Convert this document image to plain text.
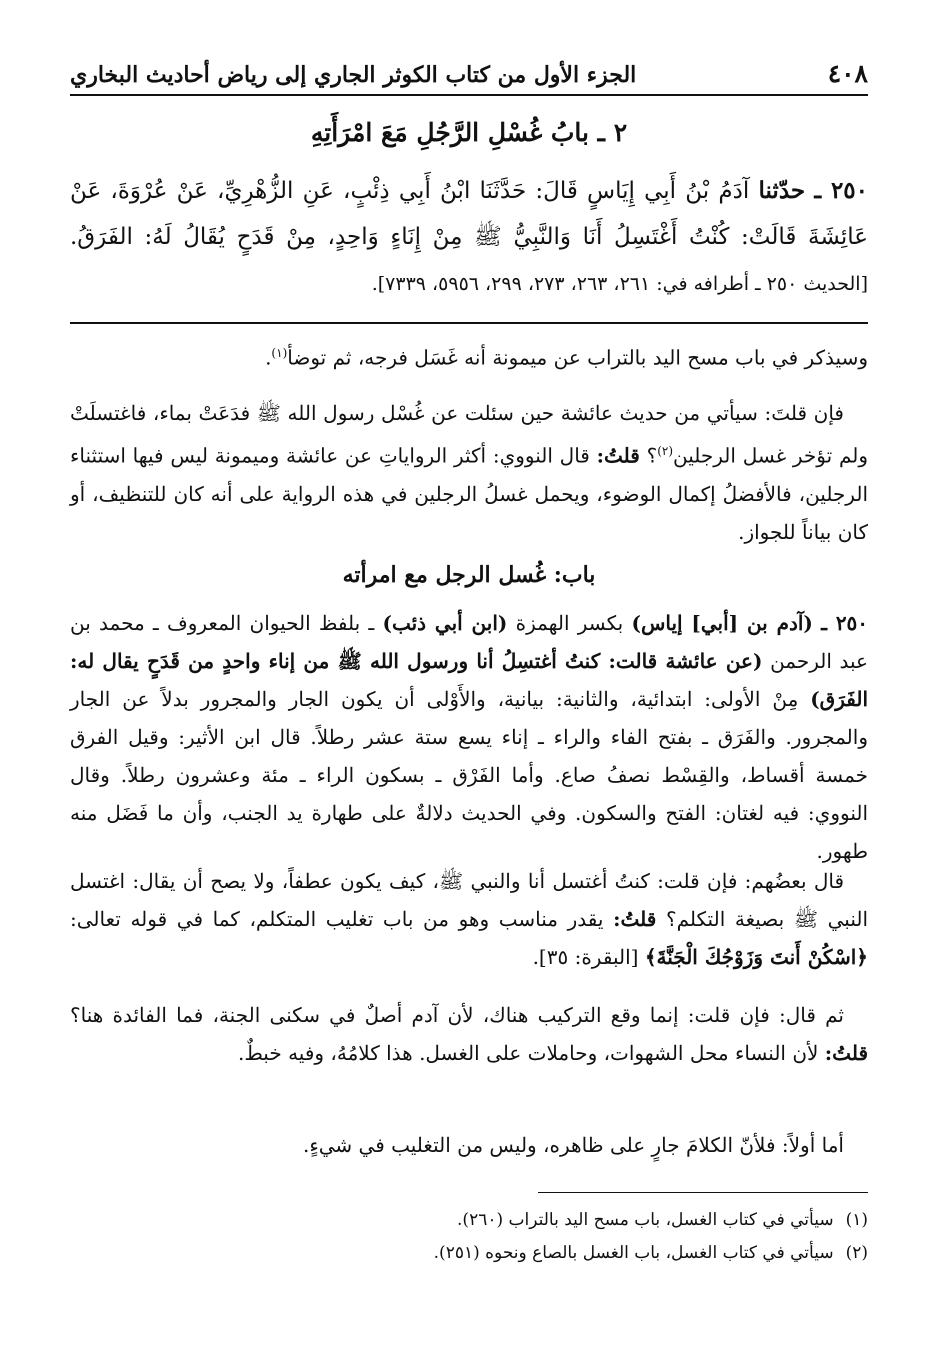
٤٠٨
الجزء الأول من كتاب الكوثر الجاري إلى رياض أحاديث البخاري
٢ ـ بابُ غُسْلِ الرَّجُلِ مَعَ امْرَأَتِهِ
٢٥٠ ـ حدّثنا آدَمُ بْنُ أَبِي إِيَاسٍ قَالَ: حَدَّثَنَا ابْنُ أَبِي ذِئْبٍ، عَنِ الزُّهْرِيِّ، عَنْ عُرْوَةَ، عَنْ عَائِشَةَ قَالَتْ: كُنْتُ أَغْتَسِلُ أَنَا وَالنَّبِيُّ ﷺ مِنْ إِنَاءٍ وَاحِدٍ، مِنْ قَدَحٍ يُقَالُ لَهُ: الفَرَقُ. [الحديث ٢٥٠ ـ أطرافه في: ٢٦١، ٢٦٣، ٢٧٣، ٢٩٩، ٥٩٥٦، ٧٣٣٩].
وسيذكر في باب مسح اليد بالتراب عن ميمونة أنه غَسَل فرجه، ثم توضأ$^{(١)}$.
فإن قلتَ: سيأتي من حديث عائشة حين سئلت عن غُسْل رسول الله ﷺ فدَعَتْ بماء، فاغتسلَتْ ولم تؤخر غسل الرجلين$^{(٢)}$؟ قلتُ: قال النووي: أكثر الرواياتِ عن عائشة وميمونة ليس فيها استثناء الرجلين، فالأفضلُ إكمال الوضوء، ويحمل غسلُ الرجلين في هذه الرواية على أنه كان للتنظيف، أو كان بياناً للجواز.
باب: غُسل الرجل مع امرأته
٢٥٠ ـ (آدم بن [أبي] إياس) بكسر الهمزة (ابن أبي ذئب) ـ بلفظ الحيوان المعروف ـ محمد بن عبد الرحمن (عن عائشة قالت: كنتُ أغتسِلُ أنا ورسول الله ﷺ من إناء واحدٍ من قَدَحٍ يقال له: الفَرَق) مِنْ الأولى: ابتدائية، والثانية: بيانية، والأَوْلى أن يكون الجار والمجرور بدلاً عن الجار والمجرور. والفَرَق ـ بفتح الفاء والراء ـ إناء يسع ستة عشر رطلاً. قال ابن الأثير: وقيل الفرق خمسة أقساط، والقِسْط نصفُ صاع. وأما الفَرْق ـ بسكون الراء ـ مئة وعشرون رطلاً. وقال النووي: فيه لغتان: الفتح والسكون. وفي الحديث دلالةٌ على طهارة يد الجنب، وأن ما فَضَل منه طهور.
قال بعضُهم: فإن قلت: كنتُ أغتسل أنا والنبي ﷺ، كيف يكون عطفاً، ولا يصح أن يقال: اغتسل النبي ﷺ بصيغة التكلم؟ قلتُ: يقدر مناسب وهو من باب تغليب المتكلم، كما في قوله تعالى: ﴿اسْكُنْ أَنتَ وَزَوْجُكَ الْجَنَّةَ﴾ [البقرة: ٣٥].
ثم قال: فإن قلت: إنما وقع التركيب هناك، لأن آدم أصلٌ في سكنى الجنة، فما الفائدة هنا؟ قلتُ: لأن النساء محل الشهوات، وحاملات على الغسل. هذا كلامُهُ، وفيه خبطٌ.
أما أولاً: فلأنّ الكلامَ جارٍ على ظاهره، وليس من التغليب في شيءٍ.
(١)
سيأتي في كتاب الغسل، باب مسح اليد بالتراب (٢٦٠).
(٢)
سيأتي في كتاب الغسل، باب الغسل بالصاع ونحوه (٢٥١).
